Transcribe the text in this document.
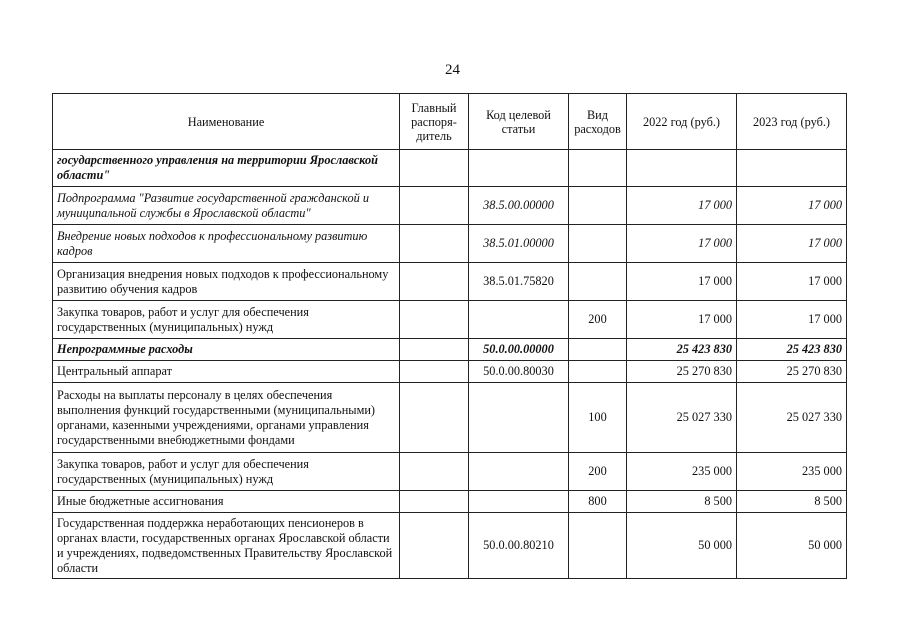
24
Наименование	Главный распоря-дитель	Код целевой статьи	Вид расходов	2022 год (руб.)	2023 год (руб.)
государственного управления на территории Ярославской области"					
Подпрограмма "Развитие государственной гражданской и муниципальной службы в Ярославской области"		38.5.00.00000		17 000	17 000
Внедрение новых подходов к профессиональному развитию кадров		38.5.01.00000		17 000	17 000
Организация внедрения новых подходов к профессиональному развитию обучения кадров		38.5.01.75820		17 000	17 000
Закупка товаров, работ и услуг для обеспечения государственных (муниципальных) нужд			200	17 000	17 000
Непрограммные расходы		50.0.00.00000		25 423 830	25 423 830
Центральный аппарат		50.0.00.80030		25 270 830	25 270 830
Расходы на выплаты персоналу в целях обеспечения выполнения функций государственными (муниципальными) органами, казенными учреждениями, органами управления государственными внебюджетными фондами			100	25 027 330	25 027 330
Закупка товаров, работ и услуг для обеспечения государственных (муниципальных) нужд			200	235 000	235 000
Иные бюджетные ассигнования			800	8 500	8 500
Государственная поддержка неработающих пенсионеров в органах власти, государственных органах Ярославской области и учреждениях, подведомственных Правительству Ярославской области		50.0.00.80210		50 000	50 000
